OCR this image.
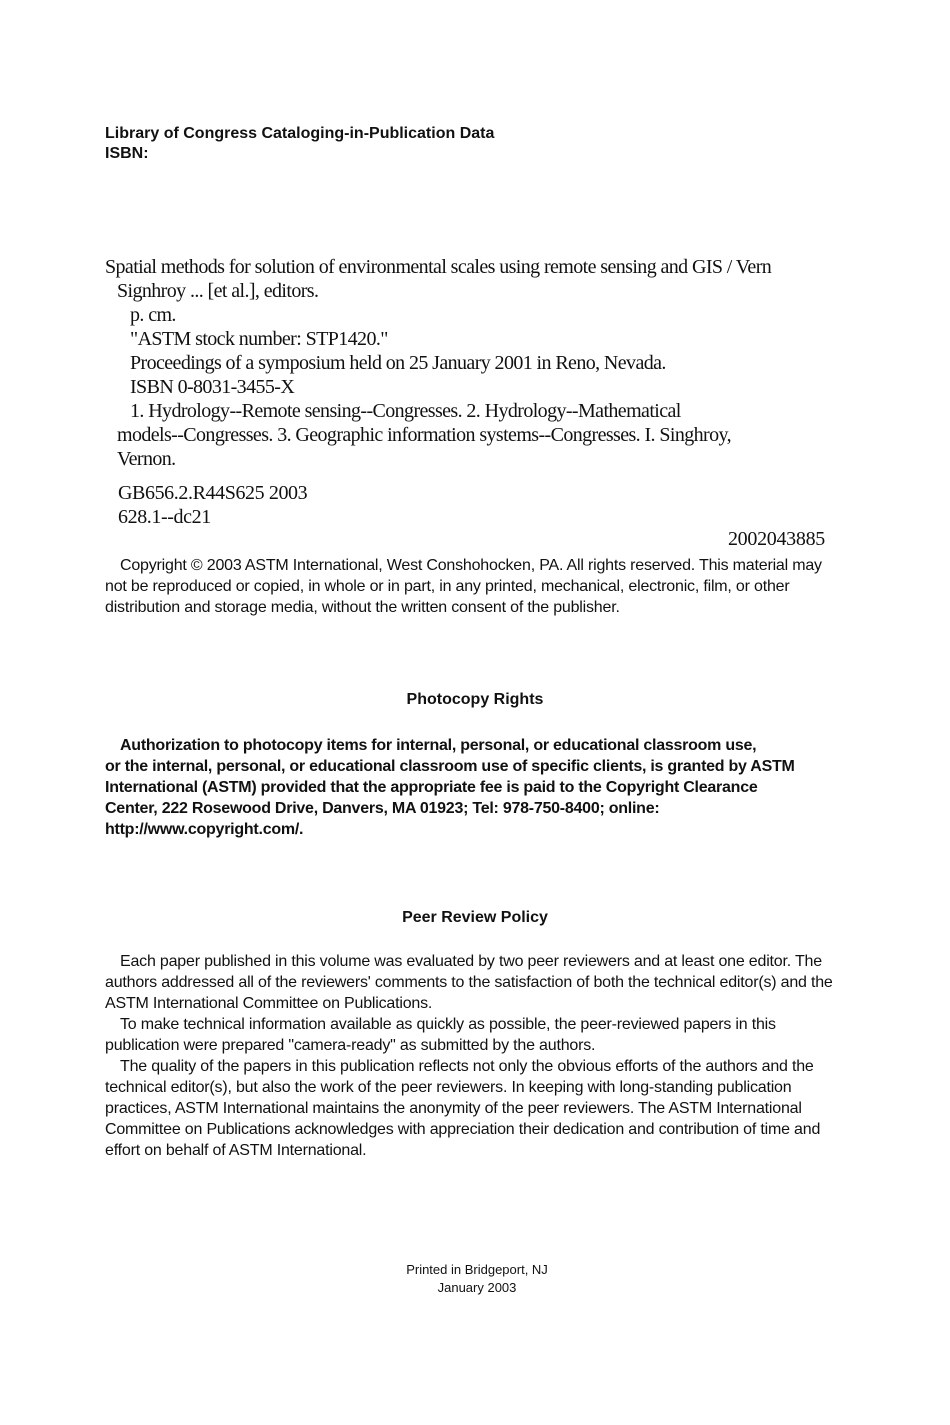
Library of Congress Cataloging-in-Publication Data
ISBN:
Spatial methods for solution of environmental scales using remote sensing and GIS / Vern
Signhroy ... [et al.], editors.
p. cm.
"ASTM stock number: STP1420."
Proceedings of a symposium held on 25 January 2001 in Reno, Nevada.
ISBN 0-8031-3455-X
1. Hydrology--Remote sensing--Congresses. 2. Hydrology--Mathematical
models--Congresses. 3. Geographic information systems--Congresses. I. Singhroy,
Vernon.
GB656.2.R44S625 2003
628.1--dc21
2002043885

Copyright © 2003 ASTM International, West Conshohocken, PA. All rights reserved. This material may not be reproduced or copied, in whole or in part, in any printed, mechanical, electronic, film, or other distribution and storage media, without the written consent of the publisher.

Photocopy Rights
Authorization to photocopy items for internal, personal, or educational classroom use,
or the internal, personal, or educational classroom use of specific clients, is granted by ASTM
International (ASTM) provided that the appropriate fee is paid to the Copyright Clearance
Center, 222 Rosewood Drive, Danvers, MA 01923; Tel: 978-750-8400; online:
http://www.copyright.com/.
Peer Review Policy

Each paper published in this volume was evaluated by two peer reviewers and at least one editor. The authors addressed all of the reviewers' comments to the satisfaction of both the technical editor(s) and the ASTM International Committee on Publications.

To make technical information available as quickly as possible, the peer-reviewed papers in this publication were prepared "camera-ready" as submitted by the authors.

The quality of the papers in this publication reflects not only the obvious efforts of the authors and the technical editor(s), but also the work of the peer reviewers. In keeping with long-standing publication practices, ASTM International maintains the anonymity of the peer reviewers. The ASTM International Committee on Publications acknowledges with appreciation their dedication and contribution of time and effort on behalf of ASTM International.

Printed in Bridgeport, NJ
January 2003
